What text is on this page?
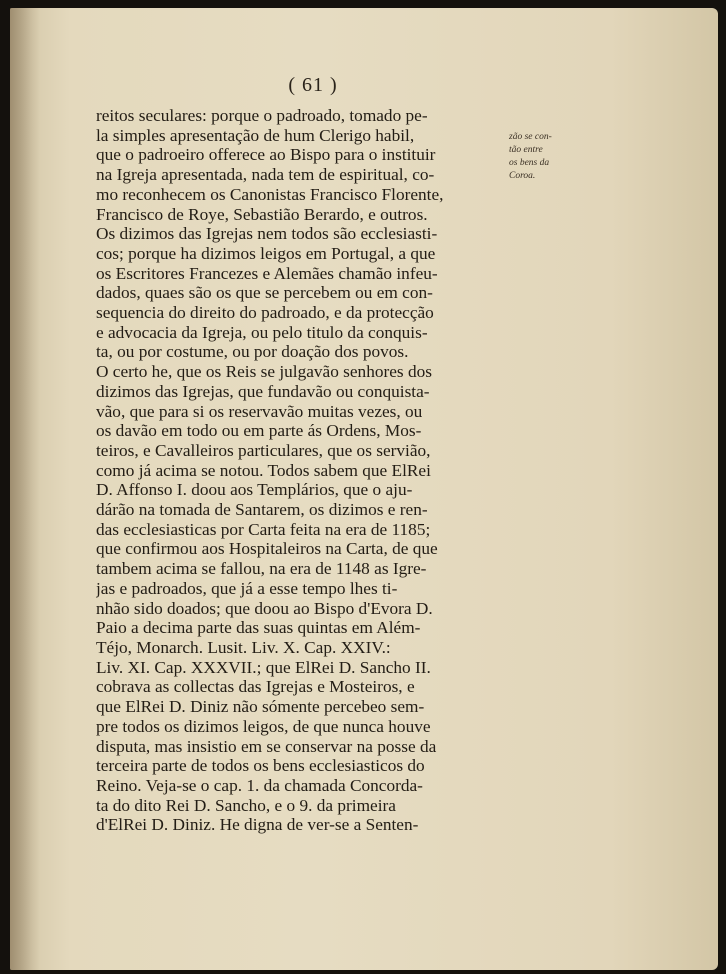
( 61 )
reitos seculares: porque o padroado, tomado pe-
la simples apresentação de hum Clerigo habil,
que o padroeiro offerece ao Bispo para o instituir
na Igreja apresentada, nada tem de espiritual, co-
mo reconhecem os Canonistas Francisco Florente,
Francisco de Roye, Sebastião Berardo, e outros.
Os dizimos das Igrejas nem todos são ecclesiasti-
cos; porque ha dizimos leigos em Portugal, a que
os Escritores Francezes e Alemães chamão infeu-
dados, quaes são os que se percebem ou em con-
sequencia do direito do padroado, e da protecção
e advocacia da Igreja, ou pelo titulo da conquis-
ta, ou por costume, ou por doação dos povos.
O certo he, que os Reis se julgavão senhores dos
dizimos das Igrejas, que fundavão ou conquista-
vão, que para si os reservavão muitas vezes, ou
os davão em todo ou em parte ás Ordens, Mos-
teiros, e Cavalleiros particulares, que os servião,
como já acima se notou. Todos sabem que ElRei
D. Affonso I. doou aos Templários, que o aju-
dárão na tomada de Santarem, os dizimos e ren-
das ecclesiasticas por Carta feita na era de 1185;
que confirmou aos Hospitaleiros na Carta, de que
tambem acima se fallou, na era de 1148 as Igre-
jas e padroados, que já a esse tempo lhes ti-
nhão sido doados; que doou ao Bispo d'Evora D.
Paio a decima parte das suas quintas em Além-
Téjo, Monarch. Lusit. Liv. X. Cap. XXIV.:
Liv. XI. Cap. XXXVII.; que ElRei D. Sancho II.
cobrava as collectas das Igrejas e Mosteiros, e
que ElRei D. Diniz não sómente percebeo sem-
pre todos os dizimos leigos, de que nunca houve
disputa, mas insistio em se conservar na posse da
terceira parte de todos os bens ecclesiasticos do
Reino. Veja-se o cap. 1. da chamada Concorda-
ta do dito Rei D. Sancho, e o 9. da primeira
d'ElRei D. Diniz. He digna de ver-se a Senten-
zão se con-
tão entre
os bens da
Coroa.
